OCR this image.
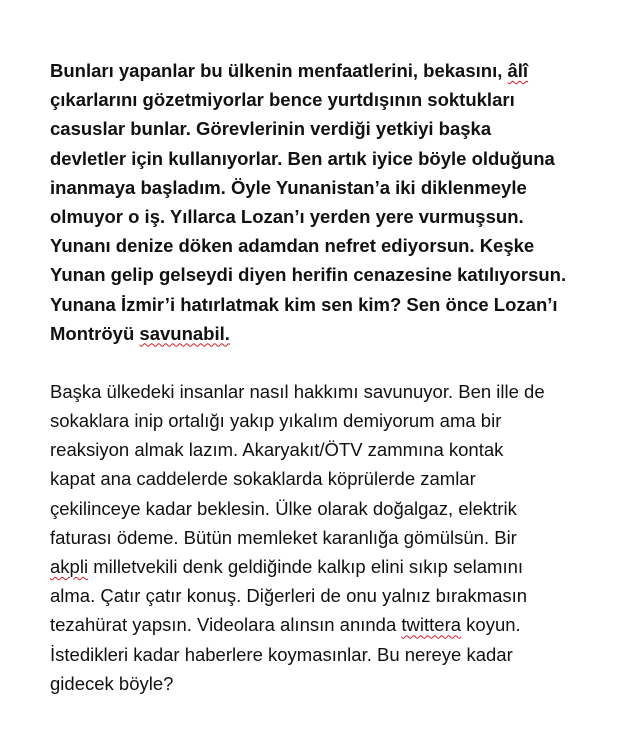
Bunları yapanlar bu ülkenin menfaatlerini, bekasını, âlî
çıkarlarını gözetmiyorlar bence yurtdışının soktukları
casuslar bunlar. Görevlerinin verdiği yetkiyi başka
devletler için kullanıyorlar. Ben artık iyice böyle olduğuna
inanmaya başladım. Öyle Yunanistan’a iki diklenmeyle
olmuyor o iş. Yıllarca Lozan’ı yerden yere vurmuşsun.
Yunanı denize döken adamdan nefret ediyorsun. Keşke
Yunan gelip gelseydi diyen herifin cenazesine katılıyorsun.
Yunana İzmir’i hatırlatmak kim sen kim? Sen önce Lozan’ı
Montröyü savunabil.

Başka ülkedeki insanlar nasıl hakkımı savunuyor. Ben ille de
sokaklara inip ortalığı yakıp yıkalım demiyorum ama bir
reaksiyon almak lazım. Akaryakıt/ÖTV zammına kontak
kapat ana caddelerde sokaklarda köprülerde zamlar
çekilinceye kadar beklesin. Ülke olarak doğalgaz, elektrik
faturası ödeme. Bütün memleket karanlığa gömülsün. Bir
akpli milletvekili denk geldiğinde kalkıp elini sıkıp selamını
alma. Çatır çatır konuş. Diğerleri de onu yalnız bırakmasın
tezahürat yapsın. Videolara alınsın anında twittera koyun.
İstedikleri kadar haberlere koymasınlar. Bu nereye kadar
gidecek böyle?
